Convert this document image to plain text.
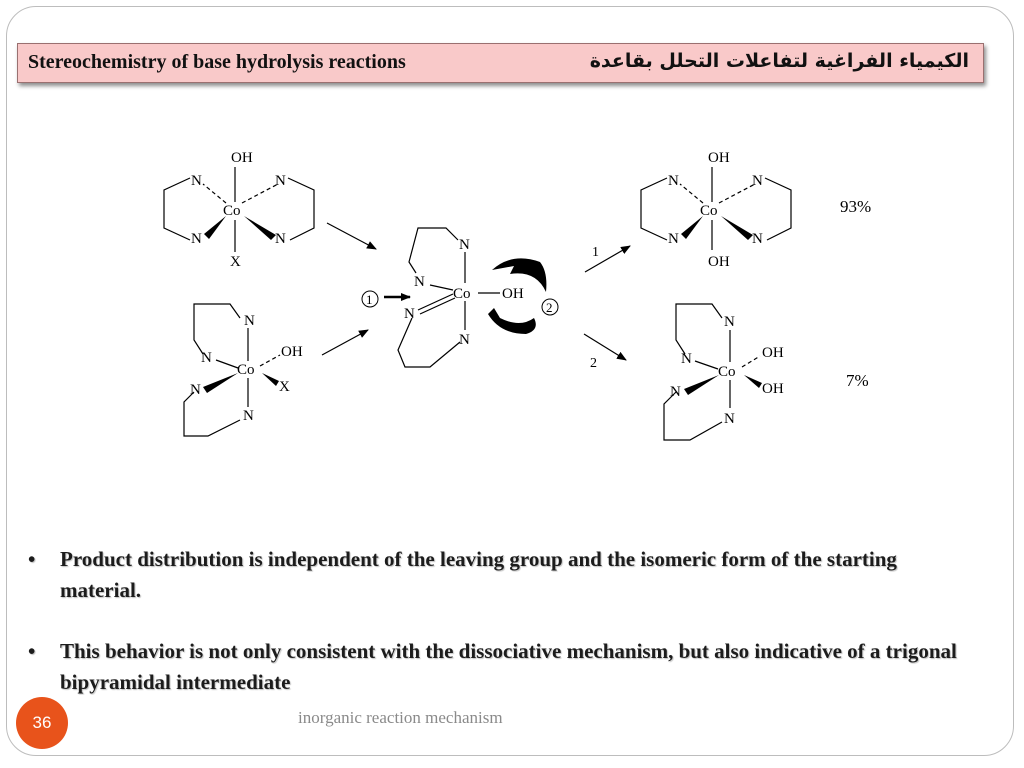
Stereochemistry of base hydrolysis reactions	الكيمياء الفراغية لتفاعلات التحلل بقاعدة
OH
Co
N	N
N	N
X
N
N
Co
OH
X
N
N
N
N
Co OH
N
N
1
2
1
2
OH
Co
N	N
N	N
OH
93%
N
N
Co
OH
OH
N
N
7%
• Product distribution is independent of the leaving group and the isomeric form of the starting material.
• This behavior is not only consistent with the dissociative mechanism, but also indicative of a trigonal bipyramidal intermediate
36	inorganic reaction mechanism
